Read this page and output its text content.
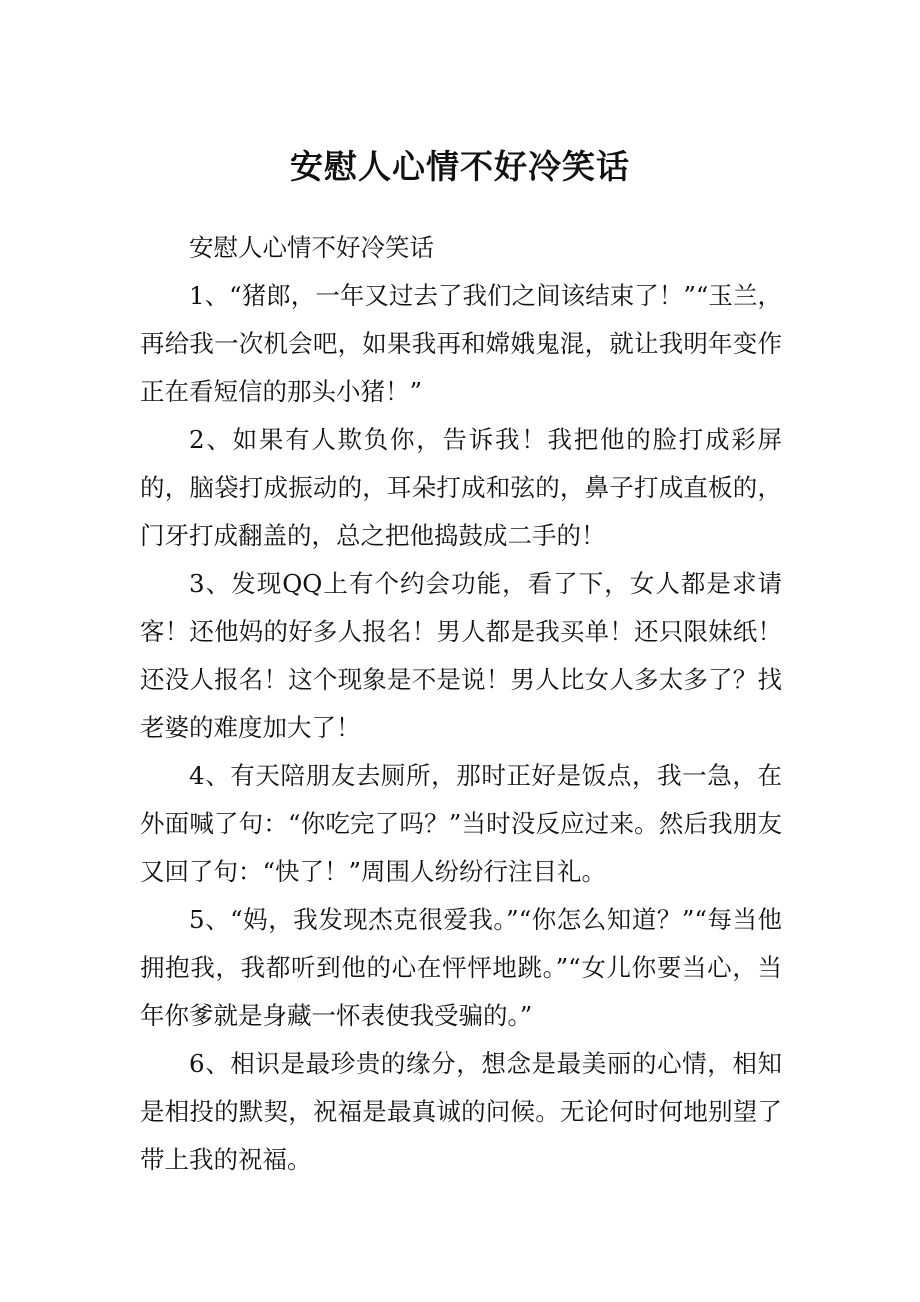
安慰人心情不好冷笑话

安慰人心情不好冷笑话

1、“猪郎，一年又过去了我们之间该结束了！”“玉兰，再给我一次机会吧，如果我再和嫦娥鬼混，就让我明年变作正在看短信的那头小猪！”

2、如果有人欺负你，告诉我！我把他的脸打成彩屏的，脑袋打成振动的，耳朵打成和弦的，鼻子打成直板的，门牙打成翻盖的，总之把他捣鼓成二手的！

3、发现QQ上有个约会功能，看了下，女人都是求请客！还他妈的好多人报名！男人都是我买单！还只限妹纸！还没人报名！这个现象是不是说！男人比女人多太多了？找老婆的难度加大了！

4、有天陪朋友去厕所，那时正好是饭点，我一急，在外面喊了句：“你吃完了吗？”当时没反应过来。然后我朋友又回了句：“快了！”周围人纷纷行注目礼。

5、“妈，我发现杰克很爱我。”“你怎么知道？”“每当他拥抱我，我都听到他的心在怦怦地跳。”“女儿你要当心，当年你爹就是身藏一怀表使我受骗的。”

6、相识是最珍贵的缘分，想念是最美丽的心情，相知是相投的默契，祝福是最真诚的问候。无论何时何地别望了带上我的祝福。
